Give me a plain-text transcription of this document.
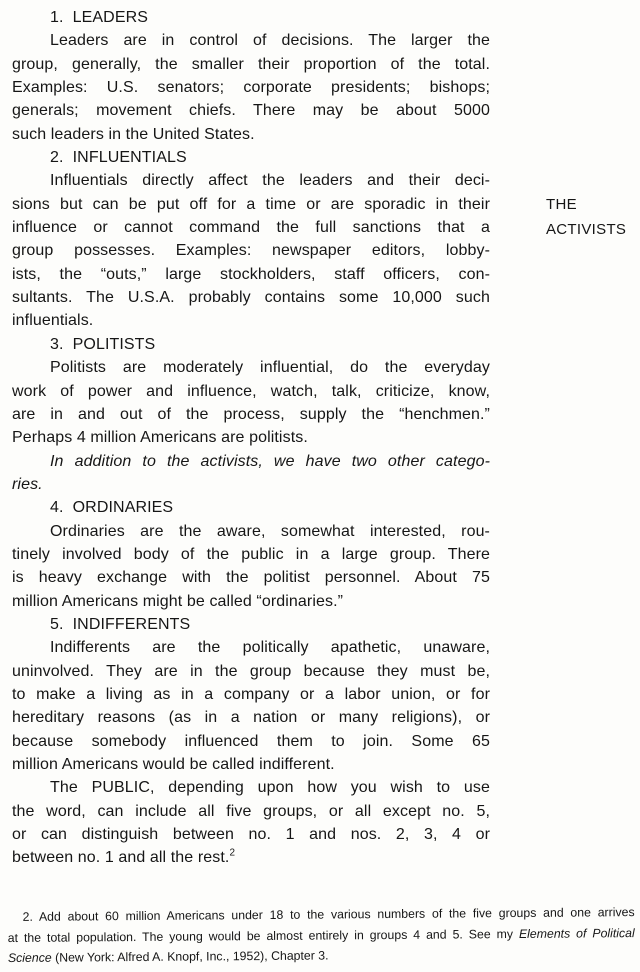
1.  LEADERS
Leaders are in control of decisions. The larger the
group, generally, the smaller their proportion of the total.
Examples: U.S. senators; corporate presidents; bishops;
generals; movement chiefs. There may be about 5000
such leaders in the United States.
2.  INFLUENTIALS
Influentials directly affect the leaders and their deci-
sions but can be put off for a time or are sporadic in their
influence or cannot command the full sanctions that a
group possesses. Examples: newspaper editors, lobby-
ists, the “outs,” large stockholders, staff officers, con-
sultants. The U.S.A. probably contains some 10,000 such
influentials.
3.  POLITISTS
Politists are moderately influential, do the everyday
work of power and influence, watch, talk, criticize, know,
are in and out of the process, supply the “henchmen.”
Perhaps 4 million Americans are politists.
In addition to the activists, we have two other catego-
ries.
4.  ORDINARIES
Ordinaries are the aware, somewhat interested, rou-
tinely involved body of the public in a large group. There
is heavy exchange with the politist personnel. About 75
million Americans might be called “ordinaries.”
5.  INDIFFERENTS
Indifferents are the politically apathetic, unaware,
uninvolved. They are in the group because they must be,
to make a living as in a company or a labor union, or for
hereditary reasons (as in a nation or many religions), or
because somebody influenced them to join. Some 65
million Americans would be called indifferent.
The PUBLIC, depending upon how you wish to use
the word, can include all five groups, or all except no. 5,
or can distinguish between no. 1 and nos. 2, 3, 4 or
between no. 1 and all the rest.$^2$
THE
ACTIVISTS
2. Add about 60 million Americans under 18 to the various numbers of the five groups and one arrives
at the total population. The young would be almost entirely in groups 4 and 5. See my Elements of Political
Science (New York: Alfred A. Knopf, Inc., 1952), Chapter 3.
